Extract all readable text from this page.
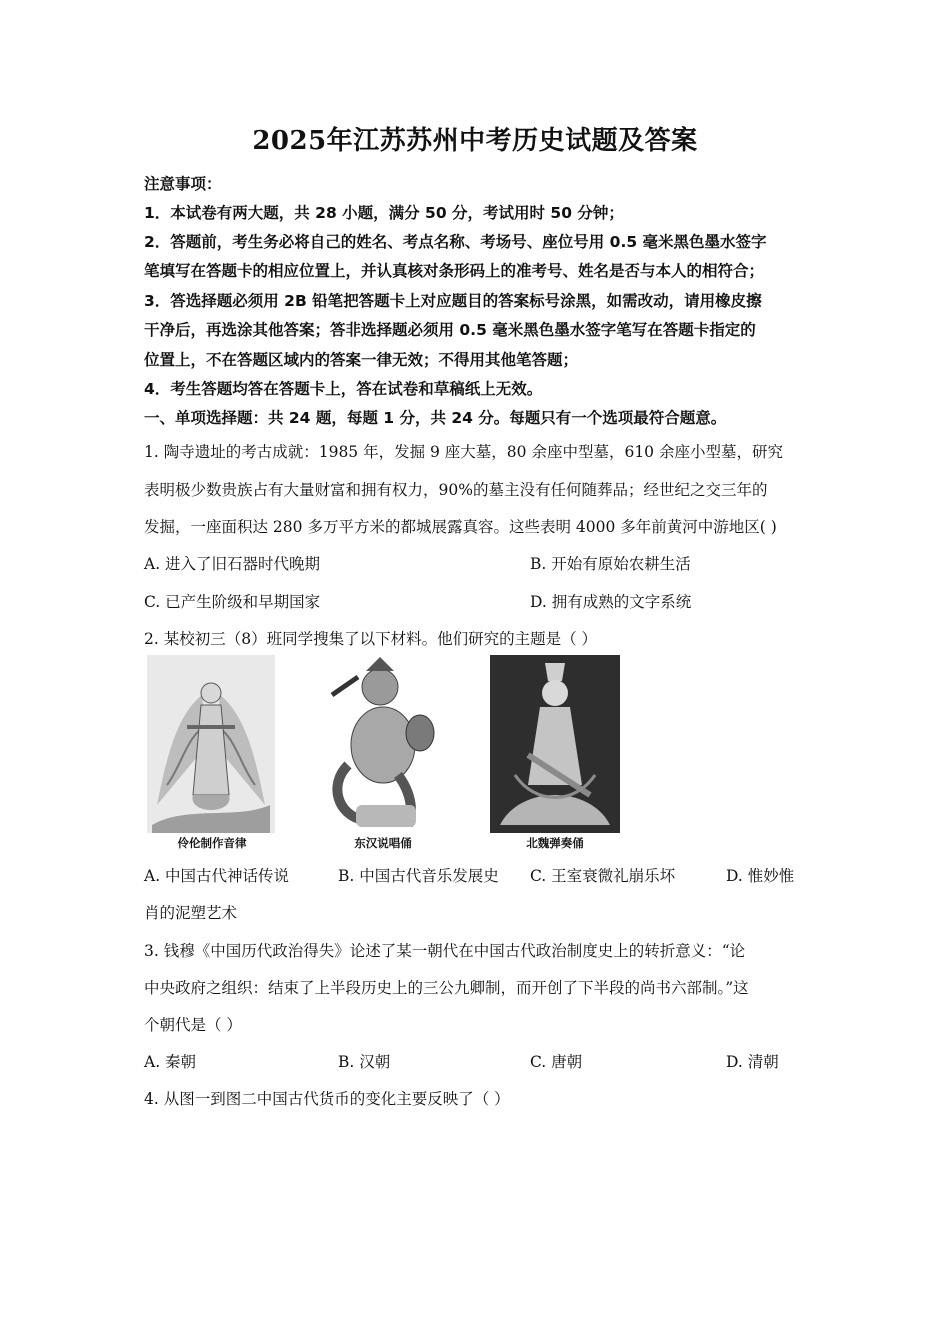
2025年江苏苏州中考历史试题及答案
注意事项：
1．本试卷有两大题，共 28 小题，满分 50 分，考试用时 50 分钟；
2．答题前，考生务必将自己的姓名、考点名称、考场号、座位号用 0.5 毫米黑色墨水签字
笔填写在答题卡的相应位置上，并认真核对条形码上的准考号、姓名是否与本人的相符合；
3．答选择题必须用 2B 铅笔把答题卡上对应题目的答案标号涂黑，如需改动，请用橡皮擦
干净后，再选涂其他答案；答非选择题必须用 0.5 毫米黑色墨水签字笔写在答题卡指定的
位置上，不在答题区域内的答案一律无效；不得用其他笔答题；
4．考生答题均答在答题卡上，答在试卷和草稿纸上无效。
一、单项选择题：共 24 题，每题 1 分，共 24 分。每题只有一个选项最符合题意。
1. 陶寺遗址的考古成就：1985 年，发掘 9 座大墓，80 余座中型墓，610 余座小型墓，研究
表明极少数贵族占有大量财富和拥有权力，90%的墓主没有任何随葬品；经世纪之交三年的
发掘，一座面积达 280 多万平方米的都城展露真容。这些表明 4000 多年前黄河中游地区( )
A. 进入了旧石器时代晚期	B. 开始有原始农耕生活
C. 已产生阶级和早期国家	D. 拥有成熟的文字系统
2. 某校初三（8）班同学搜集了以下材料。他们研究的主题是（ ）
伶伦制作音律	东汉说唱俑	北魏弹奏俑
A. 中国古代神话传说	B. 中国古代音乐发展史 C. 王室衰微礼崩乐坏	D. 惟妙惟
肖的泥塑艺术
3. 钱穆《中国历代政治得失》论述了某一朝代在中国古代政治制度史上的转折意义：“论
中央政府之组织：结束了上半段历史上的三公九卿制，而开创了下半段的尚书六部制。”这
个朝代是（ ）
A. 秦朝	B. 汉朝	C. 唐朝	D. 清朝
4. 从图一到图二中国古代货币的变化主要反映了（ ）
